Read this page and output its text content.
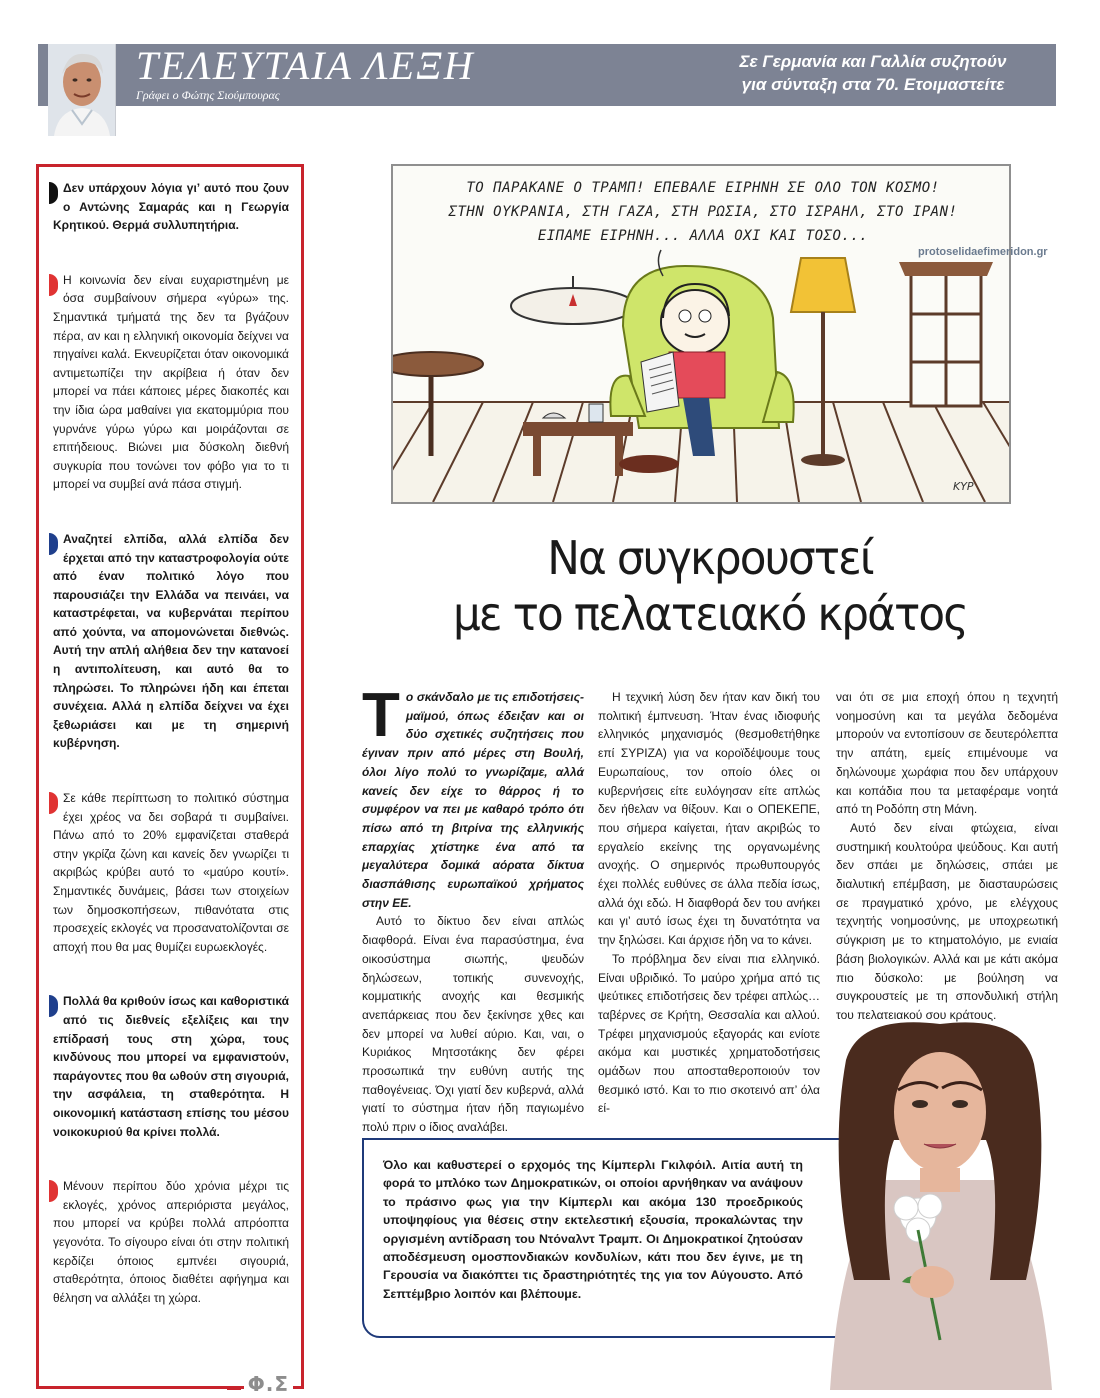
ΤΕΛΕΥΤΑΙΑ ΛΕΞΗ
Γράφει ο Φώτης Σιούμπουρας
Σε Γερμανία και Γαλλία συζητούν
για σύνταξη στα 70. Ετοιμαστείτε

Δεν υπάρχουν λόγια γι’ αυτό που ζουν ο Αντώνης Σαμαράς και η Γεωργία Κρητικού. Θερμά συλλυπητήρια.

Η κοινωνία δεν είναι ευχαριστημένη με όσα συμβαίνουν σήμερα «γύρω» της. Σημαντικά τμήματά της δεν τα βγάζουν πέρα, αν και η ελληνική οικονομία δείχνει να πηγαίνει καλά. Εκνευρίζεται όταν οικονομικά αντιμετωπίζει την ακρίβεια ή όταν δεν μπορεί να πάει κάποιες μέρες διακοπές και την ίδια ώρα μαθαίνει για εκατομμύρια που γυρνάνε γύρω γύρω και μοιράζονται σε επιτήδειους. Βιώνει μια δύσκολη διεθνή συγκυρία που τονώνει τον φόβο για το τι μπορεί να συμβεί ανά πάσα στιγμή.

Αναζητεί ελπίδα, αλλά ελπίδα δεν έρχεται από την καταστροφολογία ούτε από έναν πολιτικό λόγο που παρουσιάζει την Ελλάδα να πεινάει, να καταστρέφεται, να κυβερνάται περίπου από χούντα, να απομονώνεται διεθνώς. Αυτή την απλή αλήθεια δεν την κατανοεί η αντιπολίτευση, και αυτό θα το πληρώσει. Το πληρώνει ήδη και έπεται συνέχεια. Αλλά η ελπίδα δείχνει να έχει ξεθωριάσει και με τη σημερινή κυβέρνηση.

Σε κάθε περίπτωση το πολιτικό σύστημα έχει χρέος να δει σοβαρά τι συμβαίνει. Πάνω από το 20% εμφανίζεται σταθερά στην γκρίζα ζώνη και κανείς δεν γνωρίζει τι ακριβώς κρύβει αυτό το «μαύρο κουτί». Σημαντικές δυνάμεις, βάσει των στοιχείων των δημοσκοπήσεων, πιθανότατα στις προσεχείς εκλογές να προσανατολίζονται σε αποχή που θα μας θυμίζει ευρωεκλογές.

Πολλά θα κριθούν ίσως και καθοριστικά από τις διεθνείς εξελίξεις και την επίδρασή τους στη χώρα, τους κινδύνους που μπορεί να εμφανιστούν, παράγοντες που θα ωθούν στη σιγουριά, την ασφάλεια, τη σταθερότητα. Η οικονομική κατάσταση επίσης του μέσου νοικοκυριού θα κρίνει πολλά.

Μένουν περίπου δύο χρόνια μέχρι τις εκλογές, χρόνος απεριόριστα μεγάλος, που μπορεί να κρύβει πολλά απρόοπτα γεγονότα. Το σίγουρο είναι ότι στην πολιτική κερδίζει όποιος εμπνέει σιγουριά, σταθερότητα, όποιος διαθέτει αφήγημα και θέληση να αλλάξει τη χώρα.

Φ.Σ
ΚΥΡ
ΤΟ ΠΑΡΑΚΑΝΕ Ο ΤΡΑΜΠ! ΕΠΕΒΑΛΕ ΕΙΡΗΝΗ ΣΕ ΟΛΟ ΤΟΝ ΚΟΣΜΟ!
ΣΤΗΝ ΟΥΚΡΑΝΙΑ, ΣΤΗ ΓΑΖΑ, ΣΤΗ ΡΩΣΙΑ, ΣΤΟ ΙΣΡΑΗΛ, ΣΤΟ ΙΡΑΝ!
ΕΙΠΑΜΕ ΕΙΡΗΝΗ... ΑΛΛΑ ΟΧΙ ΚΑΙ ΤΟΣΟ...
protoselidaefimeridon.gr
Να συγκρουστεί
με το πελατειακό κράτος

Το σκάνδαλο με τις επιδοτήσεις-μαϊμού, όπως έδειξαν και οι δύο σχετικές συζητήσεις που έγιναν πριν από μέρες στη Βουλή, όλοι λίγο πολύ το γνωρίζαμε, αλλά κανείς δεν είχε το θάρρος ή το συμφέρον να πει με καθαρό τρόπο ότι πίσω από τη βιτρίνα της ελληνικής επαρχίας χτίστηκε ένα από τα μεγαλύτερα δομικά αόρατα δίκτυα διασπάθισης ευρωπαϊκού χρήματος στην ΕΕ.

Αυτό το δίκτυο δεν είναι απλώς διαφθορά. Είναι ένα παρασύστημα, ένα οικοσύστημα σιωπής, ψευδών δηλώσεων, τοπικής συνενοχής, κομματικής ανοχής και θεσμικής ανεπάρκειας που δεν ξεκίνησε χθες και δεν μπορεί να λυθεί αύριο. Και, ναι, ο Κυριάκος Μητσοτάκης δεν φέρει προσωπικά την ευθύνη αυτής της παθογένειας. Όχι γιατί δεν κυβερνά, αλλά γιατί το σύστημα ήταν ήδη παγιωμένο πολύ πριν ο ίδιος αναλάβει.

Η τεχνική λύση δεν ήταν καν δική του πολιτική έμπνευση. Ήταν ένας ιδιοφυής ελληνικός μηχανισμός (θεσμοθετήθηκε επί ΣΥΡΙΖΑ) για να κοροϊδέψουμε τους Ευρωπαίους, τον οποίο όλες οι κυβερνήσεις είτε ευλόγησαν είτε απλώς δεν ήθελαν να θίξουν. Και ο ΟΠΕΚΕΠΕ, που σήμερα καίγεται, ήταν ακριβώς το εργαλείο εκείνης της οργανωμένης ανοχής. Ο σημερινός πρωθυπουργός έχει πολλές ευθύνες σε άλλα πεδία ίσως, αλλά όχι εδώ. Η διαφθορά δεν του ανήκει και γι’ αυτό ίσως έχει τη δυνατότητα να την ξηλώσει. Και άρχισε ήδη να το κάνει.

Το πρόβλημα δεν είναι πια ελληνικό. Είναι υβριδικό. Το μαύρο χρήμα από τις ψεύτικες επιδοτήσεις δεν τρέφει απλώς… ταβέρνες σε Κρήτη, Θεσσαλία και αλλού. Τρέφει μηχανισμούς εξαγοράς και ενίοτε ακόμα και μυστικές χρηματοδοτήσεις ομάδων που αποσταθεροποιούν τον θεσμικό ιστό. Και το πιο σκοτεινό απ’ όλα εί-

ναι ότι σε μια εποχή όπου η τεχνητή νοημοσύνη και τα μεγάλα δεδομένα μπορούν να εντοπίσουν σε δευτερόλεπτα την απάτη, εμείς επιμένουμε να δηλώνουμε χωράφια που δεν υπάρχουν και κοπάδια που τα μεταφέραμε νοητά από τη Ροδόπη στη Μάνη.

Αυτό δεν είναι φτώχεια, είναι συστημική κουλτούρα ψεύδους. Και αυτή δεν σπάει με δηλώσεις, σπάει με διαλυτική επέμβαση, με διασταυρώσεις σε πραγματικό χρόνο, με ελέγχους τεχνητής νοημοσύνης, με υποχρεωτική σύγκριση με το κτηματολόγιο, με ενιαία βάση βιολογικών. Αλλά και με κάτι ακόμα πιο δύσκολο: με βούληση να συγκρουστείς με τη σπονδυλική στήλη του πελατειακού σου κράτους.

Όλο και καθυστερεί ο ερχομός της Κίμπερλι Γκιλφόιλ. Αιτία αυτή τη φορά το μπλόκο των Δημοκρατικών, οι οποίοι αρνήθηκαν να ανάψουν το πράσινο φως για την Κίμπερλι και ακόμα 130 προεδρικούς υποψηφίους για θέσεις στην εκτελεστική εξουσία, προκαλώντας την οργισμένη αντίδραση του Ντόναλντ Τραμπ. Οι Δημοκρατικοί ζητούσαν αποδέσμευση ομοσπονδιακών κονδυλίων, κάτι που δεν έγινε, με τη Γερουσία να διακόπτει τις δραστηριότητές της για τον Αύγουστο. Από Σεπτέμβριο λοιπόν και βλέπουμε.
